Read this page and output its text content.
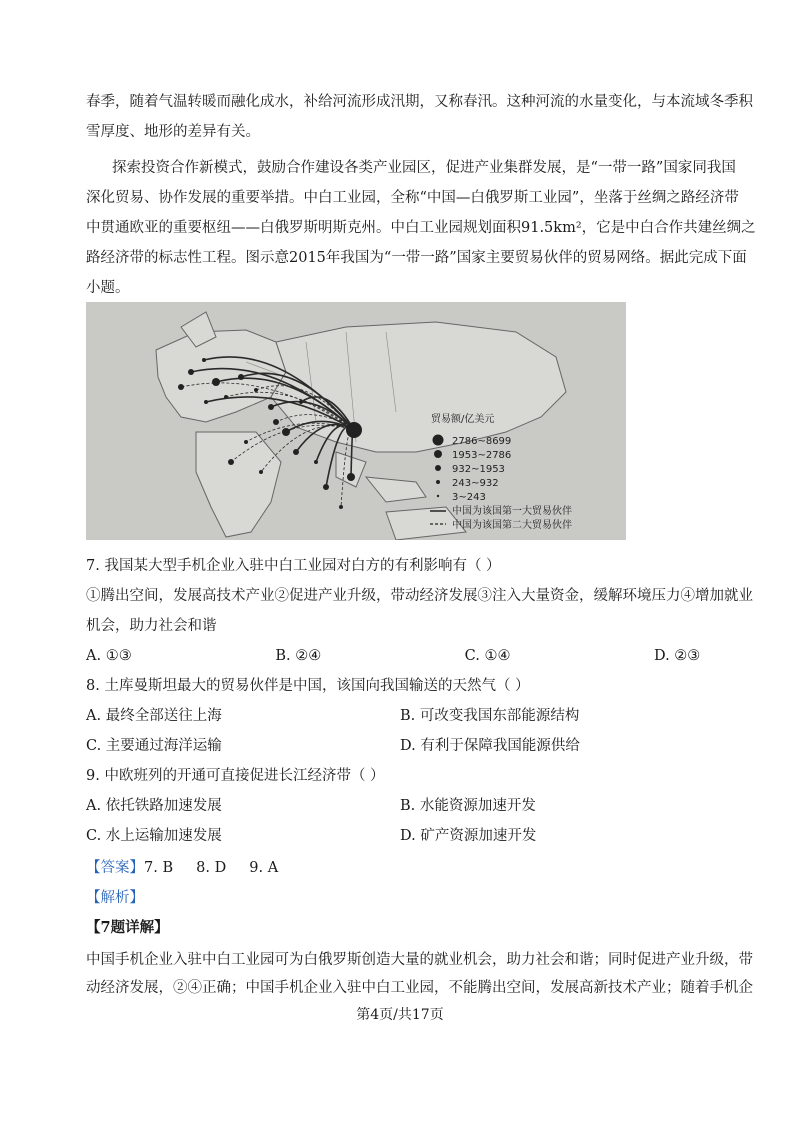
春季，随着气温转暖而融化成水，补给河流形成汛期，又称春汛。这种河流的水量变化，与本流域冬季积
雪厚度、地形的差异有关。
探索投资合作新模式，鼓励合作建设各类产业园区，促进产业集群发展，是“一带一路”国家同我国
深化贸易、协作发展的重要举措。中白工业园，全称“中国—白俄罗斯工业园”，坐落于丝绸之路经济带
中贯通欧亚的重要枢纽——白俄罗斯明斯克州。中白工业园规划面积91.5km²，它是中白合作共建丝绸之
路经济带的标志性工程。图示意2015年我国为“一带一路”国家主要贸易伙伴的贸易网络。据此完成下面
小题。
贸易额/亿美元
2786~8699
1953~2786
932~1953
243~932
3~243
中国为该国第一大贸易伙伴
中国为该国第二大贸易伙伴
7. 我国某大型手机企业入驻中白工业园对白方的有利影响有（ ）
①腾出空间，发展高技术产业②促进产业升级，带动经济发展③注入大量资金，缓解环境压力④增加就业
机会，助力社会和谐
A. ①③	B. ②④	C. ①④	D. ②③
8. 土库曼斯坦最大的贸易伙伴是中国，该国向我国输送的天然气（ ）
A. 最终全部送往上海	B. 可改变我国东部能源结构
C. 主要通过海洋运输	D. 有利于保障我国能源供给
9. 中欧班列的开通可直接促进长江经济带（ ）
A. 依托铁路加速发展	B. 水能资源加速开发
C. 水上运输加速发展	D. 矿产资源加速开发
【答案】7. B     8. D     9. A
【解析】
【7题详解】
中国手机企业入驻中白工业园可为白俄罗斯创造大量的就业机会，助力社会和谐；同时促进产业升级，带
动经济发展，②④正确；中国手机企业入驻中白工业园，不能腾出空间，发展高新技术产业；随着手机企
第4页/共17页
